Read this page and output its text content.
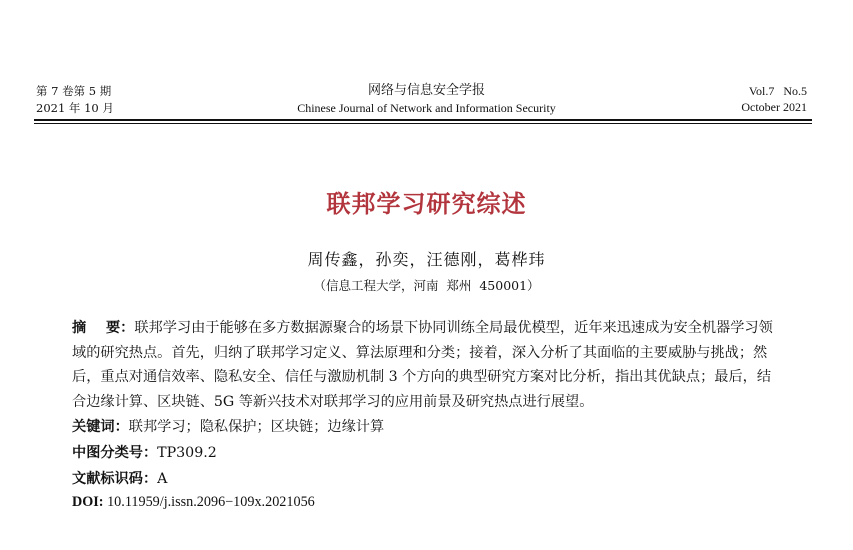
第 7 卷第 5 期
2021 年 10 月
网络与信息安全学报
Chinese Journal of Network and Information Security
Vol.7   No.5
October 2021
联邦学习研究综述
周传鑫，孙奕，汪德刚，葛桦玮
（信息工程大学，河南  郑州  450001）
摘    要：联邦学习由于能够在多方数据源聚合的场景下协同训练全局最优模型，近年来迅速成为安全机器学习领域的研究热点。首先，归纳了联邦学习定义、算法原理和分类；接着，深入分析了其面临的主要威胁与挑战；然后，重点对通信效率、隐私安全、信任与激励机制 3 个方向的典型研究方案对比分析，指出其优缺点；最后，结合边缘计算、区块链、5G 等新兴技术对联邦学习的应用前景及研究热点进行展望。
关键词：联邦学习；隐私保护；区块链；边缘计算
中图分类号：TP309.2
文献标识码：A
DOI: 10.11959/j.issn.2096−109x.2021056
